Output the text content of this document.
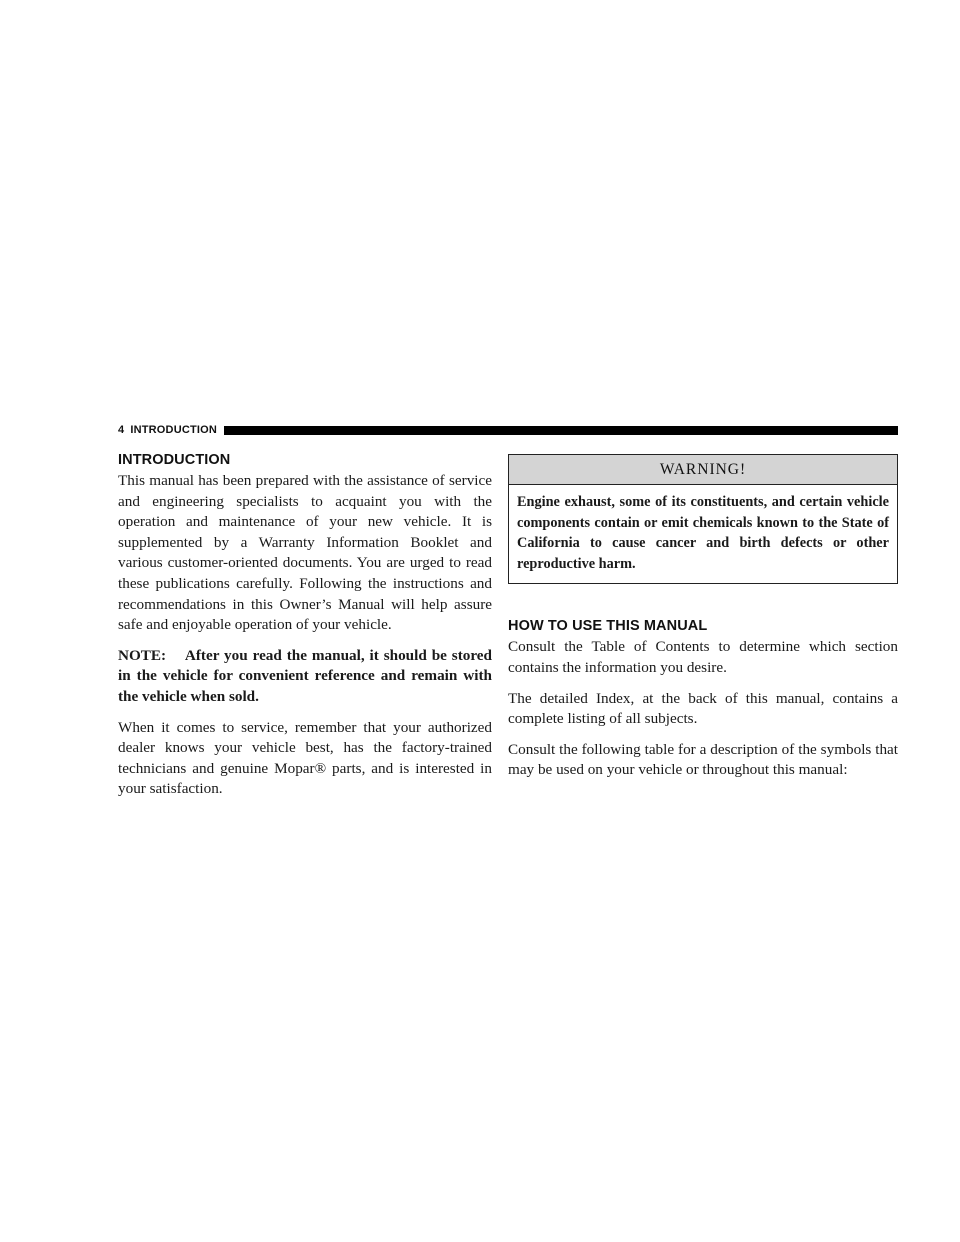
4 INTRODUCTION
INTRODUCTION

This manual has been prepared with the assistance of service and engineering specialists to acquaint you with the operation and maintenance of your new vehicle. It is supplemented by a Warranty Information Booklet and various customer-oriented documents. You are urged to read these publications carefully. Following the instructions and recommendations in this Owner’s Manual will help assure safe and enjoyable operation of your vehicle.

NOTE:    After you read the manual, it should be stored in the vehicle for convenient reference and remain with the vehicle when sold.

When it comes to service, remember that your authorized dealer knows your vehicle best, has the factory-trained technicians and genuine Mopar® parts, and is interested in your satisfaction.

WARNING!

Engine exhaust, some of its constituents, and certain vehicle components contain or emit chemicals known to the State of California to cause cancer and birth defects or other reproductive harm.

HOW TO USE THIS MANUAL

Consult the Table of Contents to determine which section contains the information you desire.

The detailed Index, at the back of this manual, contains a complete listing of all subjects.

Consult the following table for a description of the symbols that may be used on your vehicle or throughout this manual:
